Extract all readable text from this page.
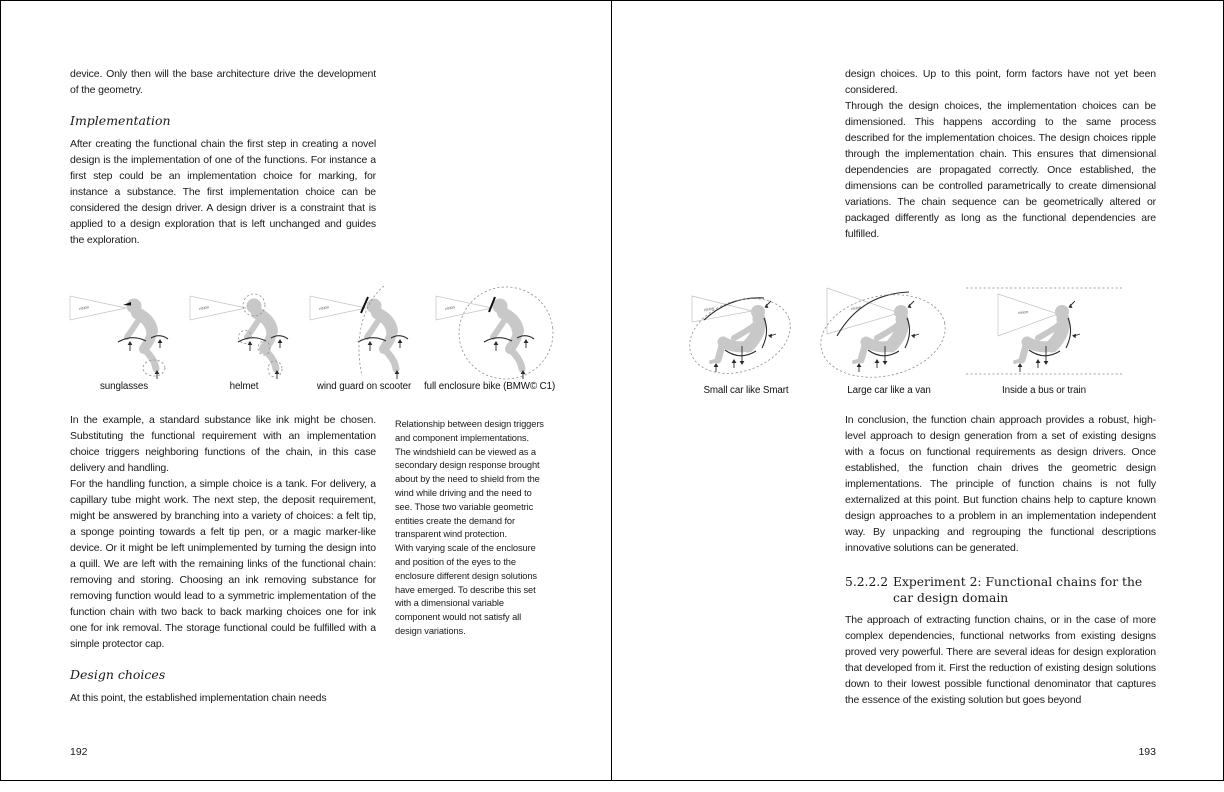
device. Only then will the base architecture drive the development of the geometry.

Implementation

After creating the functional chain the first step in creating a novel design is the implementation of one of the functions. For instance a first step could be an implementation choice for marking, for instance a substance. The first implementation choice can be considered the design driver. A design driver is a constraint that is applied to a design exploration that is left unchanged and guides the exploration.

vision
sunglasses
vision
helmet
vision
wind guard on scooter
vision
full enclosure bike (BMW© C1)

In the example, a standard substance like ink might be chosen. Substituting the functional requirement with an implementation choice triggers neighboring functions of the chain, in this case delivery and handling.

For the handling function, a simple choice is a tank. For delivery, a capillary tube might work. The next step, the deposit requirement, might be answered by branching into a variety of choices: a felt tip, a sponge pointing towards a felt tip pen, or a magic marker-like device. Or it might be left unimplemented by turning the design into a quill. We are left with the remaining links of the functional chain: removing and storing. Choosing an ink removing substance for removing function would lead to a symmetric implementation of the function chain with two back to back marking choices one for ink one for ink removal. The storage functional could be fulfilled with a simple protector cap.

Design choices

At this point, the established implementation chain needs

Relationship between design triggers and component implementations.

The windshield can be viewed as a secondary design response brought about by the need to shield from the wind while driving and the need to see. Those two variable geometric entities create the demand for transparent wind protection.

With varying scale of the enclosure and position of the eyes to the enclosure different design solutions have emerged. To describe this set with a dimensional variable component would not satisfy all design variations.

192

design choices. Up to this point, form factors have not yet been considered.

Through the design choices, the implementation choices can be dimensioned. This happens according to the same process described for the implementation choices. The design choices ripple through the implementation chain. This ensures that dimensional dependencies are propagated correctly. Once established, the dimensions can be controlled parametrically to create dimensional variations. The chain sequence can be geometrically altered or packaged differently as long as the functional dependencies are fulfilled.

vision
Small car like Smart
vision
Large car like a van
vision
Inside a bus or train

In conclusion, the function chain approach provides a robust, high-level approach to design generation from a set of existing designs with a focus on functional requirements as design drivers. Once established, the function chain drives the geometric design implementations. The principle of function chains is not fully externalized at this point. But function chains help to capture known design approaches to a problem in an implementation independent way. By unpacking and regrouping the functional descriptions innovative solutions can be generated.

5.2.2.2 Experiment 2: Functional chains for the car design domain

The approach of extracting function chains, or in the case of more complex dependencies, functional networks from existing designs proved very powerful. There are several ideas for design exploration that developed from it. First the reduction of existing design solutions down to their lowest possible functional denominator that captures the essence of the existing solution but goes beyond

193
